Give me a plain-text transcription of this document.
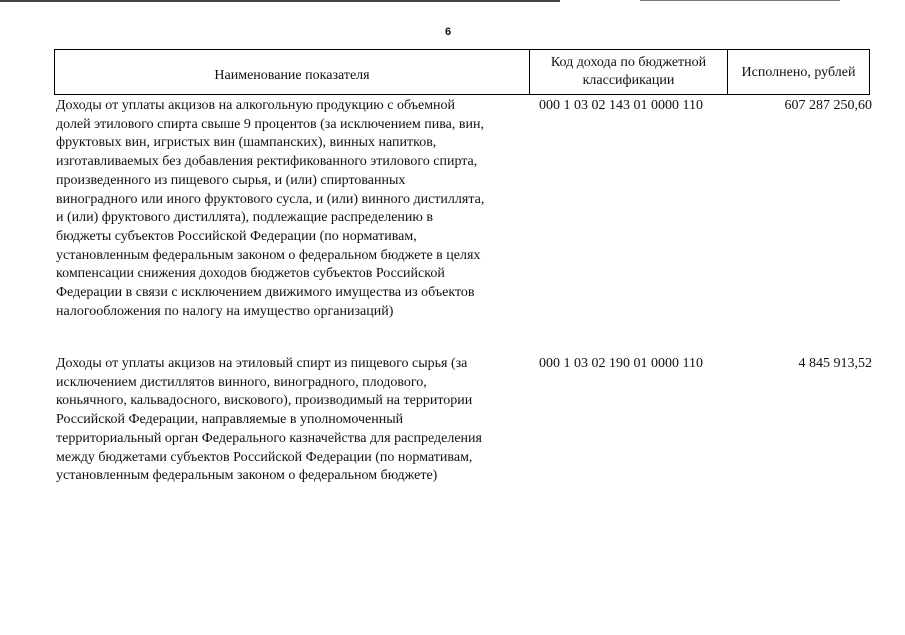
6
Наименование показателя
Код дохода по бюджетной классификации
Исполнено, рублей
Доходы от уплаты акцизов на алкогольную продукцию с объемной
долей этилового спирта свыше 9 процентов (за исключением пива, вин,
фруктовых вин, игристых вин (шампанских), винных напитков,
изготавливаемых без добавления ректификованного этилового спирта,
произведенного из пищевого сырья, и (или) спиртованных
виноградного или иного фруктового сусла, и (или) винного дистиллята,
и (или) фруктового дистиллята), подлежащие распределению в
бюджеты субъектов Российской Федерации (по нормативам,
установленным федеральным законом о федеральном бюджете в целях
компенсации снижения доходов бюджетов субъектов Российской
Федерации в связи с исключением движимого имущества из объектов
налогообложения по налогу на имущество организаций)
000 1 03 02 143 01 0000 110	607 287 250,60
Доходы от уплаты акцизов на этиловый спирт из пищевого сырья (за
исключением дистиллятов винного, виноградного, плодового,
коньячного, кальвадосного, вискового), производимый на территории
Российской Федерации, направляемые в уполномоченный
территориальный орган Федерального казначейства для распределения
между бюджетами субъектов Российской Федерации (по нормативам,
установленным федеральным законом о федеральном бюджете)
000 1 03 02 190 01 0000 110	4 845 913,52
